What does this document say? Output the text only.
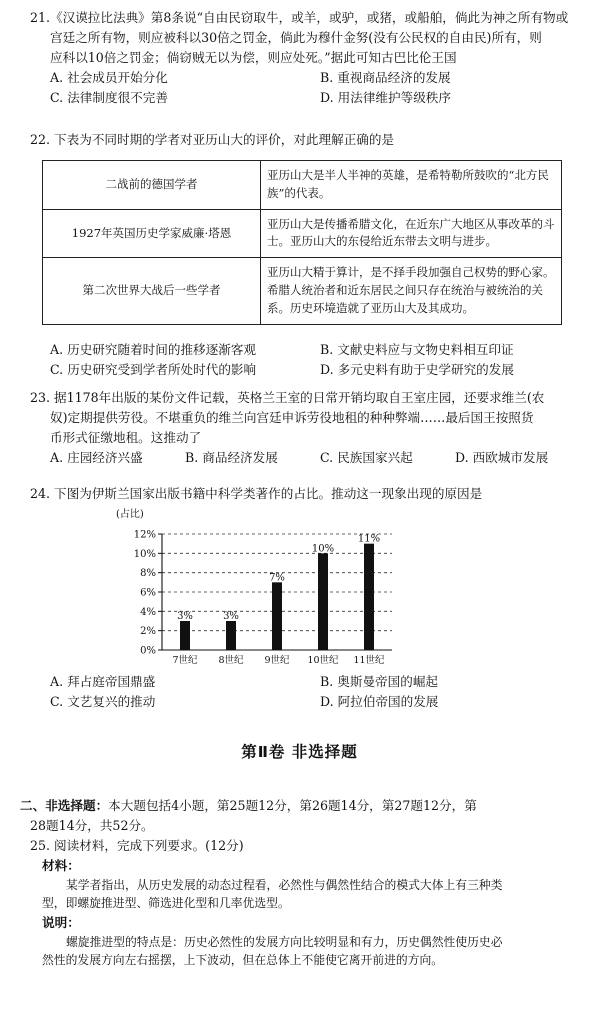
21.《汉谟拉比法典》第8条说“自由民窃取牛，或羊，或驴，或猪，或船舶，倘此为神之所有物或

宫廷之所有物，则应被科以30倍之罚金，倘此为穆什金努(没有公民权的自由民)所有，则

应科以10倍之罚金；倘窃贼无以为偿，则应处死。”据此可知古巴比伦王国

A. 社会成员开始分化	B. 重视商品经济的发展
C. 法律制度很不完善	D. 用法律维护等级秩序

22. 下表为不同时期的学者对亚历山大的评价，对此理解正确的是

二战前的德国学者	亚历山大是半人半神的英雄，是希特勒所鼓吹的“北方民族”的代表。
1927年英国历史学家威廉·塔恩	亚历山大是传播希腊文化，在近东广大地区从事改革的斗士。亚历山大的东侵给近东带去文明与进步。
第二次世界大战后一些学者	亚历山大精于算计，是不择手段加强自己权势的野心家。希腊人统治者和近东居民之间只存在统治与被统治的关系。历史环境造就了亚历山大及其成功。
A. 历史研究随着时间的推移逐渐客观	B. 文献史料应与文物史料相互印证
C. 历史研究受到学者所处时代的影响	D. 多元史料有助于史学研究的发展

23. 据1178年出版的某份文件记载，英格兰王室的日常开销均取自王室庄园，还要求维兰(农

奴)定期提供劳役。不堪重负的维兰向宫廷申诉劳役地租的种种弊端……最后国王按照货

币形式征缴地租。这推动了

A. 庄园经济兴盛	B. 商品经济发展	C. 民族国家兴起	D. 西欧城市发展

24. 下图为伊斯兰国家出版书籍中科学类著作的占比。推动这一现象出现的原因是

(占比)
0%
2%
4%
6%
8%
10%
12%
3%
7世纪
3%
8世纪
7%
9世纪
10%
10世纪
11%
11世纪
A. 拜占庭帝国鼎盛	B. 奥斯曼帝国的崛起
C. 文艺复兴的推动	D. 阿拉伯帝国的发展
第Ⅱ卷 非选择题

二、非选择题：本大题包括4小题，第25题12分，第26题14分，第27题12分，第

28题14分，共52分。

25. 阅读材料，完成下列要求。(12分)

材料：

某学者指出，从历史发展的动态过程看，必然性与偶然性结合的模式大体上有三种类

型，即螺旋推进型、筛选进化型和几率优选型。

说明：

螺旋推进型的特点是：历史必然性的发展方向比较明显和有力，历史偶然性使历史必

然性的发展方向左右摇摆，上下波动，但在总体上不能使它离开前进的方向。
